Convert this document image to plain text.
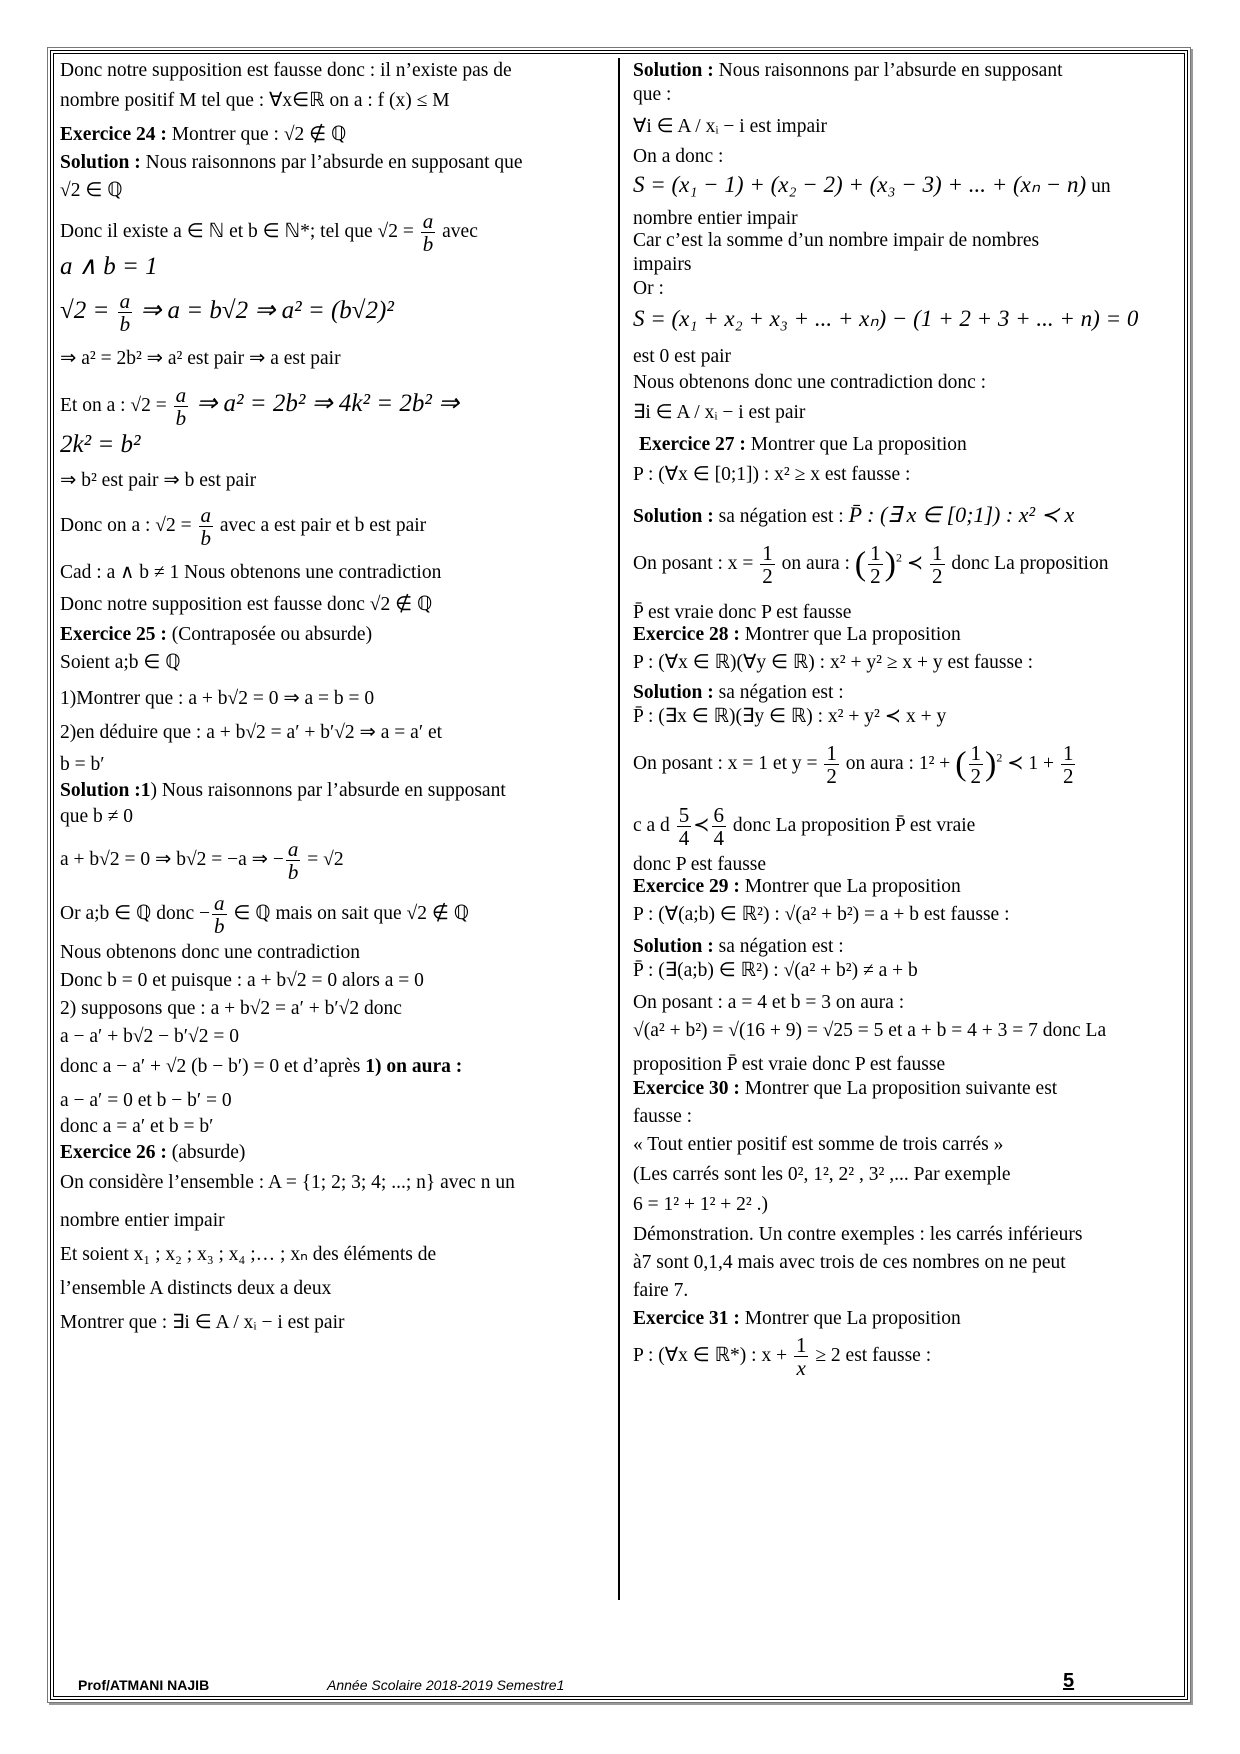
Donc notre supposition est fausse donc : il n’existe pas de
nombre positif M tel que : ∀x∈ℝ on a : f (x) ≤ M
Exercice 24 : Montrer que : √2 ∉ ℚ
Solution : Nous raisonnons par l’absurde en supposant que
√2 ∈ ℚ
Donc il existe a ∈ ℕ et b ∈ ℕ*; tel que $√2 = \frac{a}{b}$ avec
a ∧ b = 1
$√2 = \frac{a}{b}$ ⇒ a = b√2 ⇒ a² = (b√2)²
⇒ a² = 2b² ⇒ a² est pair ⇒ a est pair
Et on a : $√2 = \frac{a}{b}$ ⇒ a² = 2b² ⇒ 4k² = 2b² ⇒
2k² = b²
⇒ b² est pair ⇒ b est pair
Donc on a : $√2 = \frac{a}{b}$ avec a est pair et b est pair
Cad : a ∧ b ≠ 1 Nous obtenons une contradiction
Donc notre supposition est fausse donc √2 ∉ ℚ
Exercice 25 : (Contraposée ou absurde)
Soient a;b ∈ ℚ
1)Montrer que : a + b√2 = 0 ⇒ a = b = 0
2)en déduire que : a + b√2 = a′ + b′√2 ⇒ a = a′ et
b = b′
Solution :1) Nous raisonnons par l’absurde en supposant
que b ≠ 0
a + b√2 = 0 ⇒ b√2 = −a ⇒ − $\frac{a}{b} = √2$
Or a;b ∈ ℚ donc − $\frac{a}{b}$ ∈ ℚ mais on sait que √2 ∉ ℚ
Nous obtenons donc une contradiction
Donc b = 0 et puisque : a + b√2 = 0 alors a = 0
2) supposons que : a + b√2 = a′ + b′√2 donc
a − a′ + b√2 − b′√2 = 0
donc a − a′ + √2 (b − b′) = 0 et d’après 1) on aura :
a − a′ = 0 et b − b′ = 0
donc a = a′ et b = b′
Exercice 26 : (absurde)
On considère l’ensemble : A = {1; 2; 3; 4; ...; n} avec n un
nombre entier impair
Et soient x₁ ; x₂ ; x₃ ; x₄ ;… ; xₙ des éléments de
l’ensemble A distincts deux a deux
Montrer que : ∃i ∈ A / xᵢ − i est pair
Solution : Nous raisonnons par l’absurde en supposant
que :
∀i ∈ A / xᵢ − i est impair
On a donc :
S = (x₁ − 1) + (x₂ − 2) + (x₃ − 3) + ... + (xₙ − n) un
nombre entier impair
Car c’est la somme d’un nombre impair de nombres
impairs
Or :
S = (x₁ + x₂ + x₃ + ... + xₙ) − (1 + 2 + 3 + ... + n) = 0
est 0 est pair
Nous obtenons donc une contradiction donc :
∃i ∈ A / xᵢ − i est pair
Exercice 27 : Montrer que La proposition
P : (∀x ∈ [0;1]) : x² ≥ x est fausse :
Solution : sa négation est : P̄ : (∃ x ∈ [0;1]) : x² ≺ x
On posant : $x = \frac{1}{2}$ on aura : ( $\frac{1}{2} )^2$ ≺ $\frac{1}{2}$ donc La proposition
P̄ est vraie donc P est fausse
Exercice 28 : Montrer que La proposition
P : (∀x ∈ ℝ)(∀y ∈ ℝ) : x² + y² ≥ x + y est fausse :
Solution : sa négation est :
P̄ : (∃x ∈ ℝ)(∃y ∈ ℝ) : x² + y² ≺ x + y
On posant : x = 1 et $y = \frac{1}{2}$ on aura : 1² + ( $\frac{1}{2} )^2$ ≺ $1 + \frac{1}{2}$
c a d $\frac{5}{4}$ ≺ $\frac{6}{4}$ donc La proposition P̄ est vraie
donc P est fausse
Exercice 29 : Montrer que La proposition
P : (∀(a;b) ∈ ℝ²) : √(a² + b²) = a + b est fausse :
Solution : sa négation est :
P̄ : (∃(a;b) ∈ ℝ²) : √(a² + b²) ≠ a + b
On posant : a = 4 et b = 3 on aura :
√(a² + b²) = √(16 + 9) = √25 = 5 et a + b = 4 + 3 = 7 donc La
proposition P̄ est vraie donc P est fausse
Exercice 30 : Montrer que La proposition suivante est
fausse :
« Tout entier positif est somme de trois carrés »
(Les carrés sont les 0², 1², 2² , 3² ,... Par exemple
6 = 1² + 1² + 2² .)
Démonstration. Un contre exemples : les carrés inférieurs
à7 sont 0,1,4 mais avec trois de ces nombres on ne peut
faire 7.
Exercice 31 : Montrer que La proposition
P : (∀x ∈ ℝ*) : $x + \frac{1}{x} \ge 2$ est fausse :
Prof/ATMANI NAJIB	Année Scolaire 2018-2019 Semestre1	5
